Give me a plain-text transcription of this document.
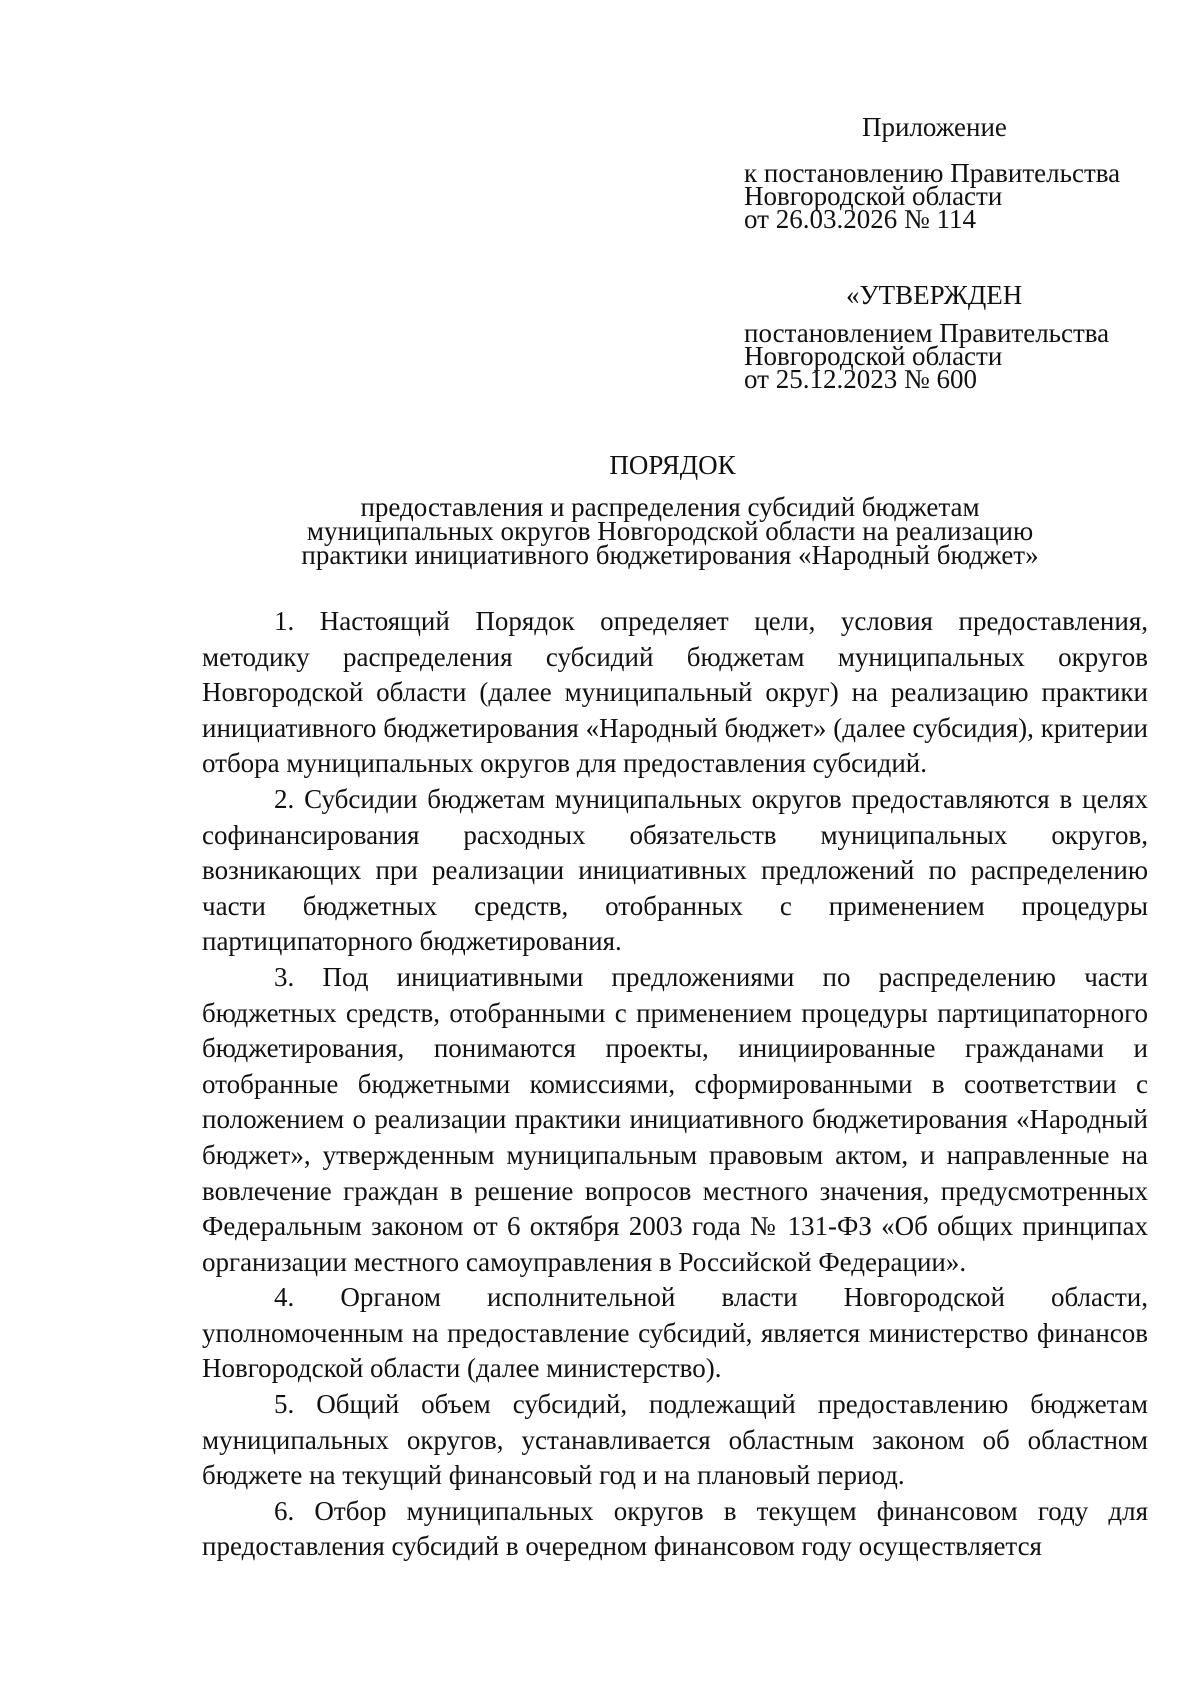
Приложение
к постановлению Правительства
Новгородской области
от 26.03.2026 № 114
«УТВЕРЖДЕН
постановлением Правительства
Новгородской области
от 25.12.2023 № 600
ПОРЯДОК
предоставления и распределения субсидий бюджетам
муниципальных округов Новгородской области на реализацию
практики инициативного бюджетирования «Народный бюджет»

1. Настоящий Порядок определяет цели, условия предоставления, методику распределения субсидий бюджетам муниципальных округов Новгородской области (далее муниципальный округ) на реализацию практики инициативного бюджетирования «Народный бюджет» (далее субсидия), критерии отбора муниципальных округов для предоставления субсидий.

2. Субсидии бюджетам муниципальных округов предоставляются в целях софинансирования расходных обязательств муниципальных округов, возникающих при реализации инициативных предложений по распределению части бюджетных средств, отобранных с применением процедуры партиципаторного бюджетирования.

3. Под инициативными предложениями по распределению части бюджетных средств, отобранными с применением процедуры партиципаторного бюджетирования, понимаются проекты, инициированные гражданами и отобранные бюджетными комиссиями, сформированными в соответствии с положением о реализации практики инициативного бюджетирования «Народный бюджет», утвержденным муниципальным правовым актом, и направленные на вовлечение граждан в решение вопросов местного значения, предусмотренных Федеральным законом от 6 октября 2003 года № 131-ФЗ «Об общих принципах организации местного самоуправления в Российской Федерации».

4. Органом исполнительной власти Новгородской области, уполномоченным на предоставление субсидий, является министерство финансов Новгородской области (далее министерство).

5. Общий объем субсидий, подлежащий предоставлению бюджетам муниципальных округов, устанавливается областным законом об областном бюджете на текущий финансовый год и на плановый период.

6. Отбор муниципальных округов в текущем финансовом году для предоставления субсидий в очередном финансовом году осуществляется
